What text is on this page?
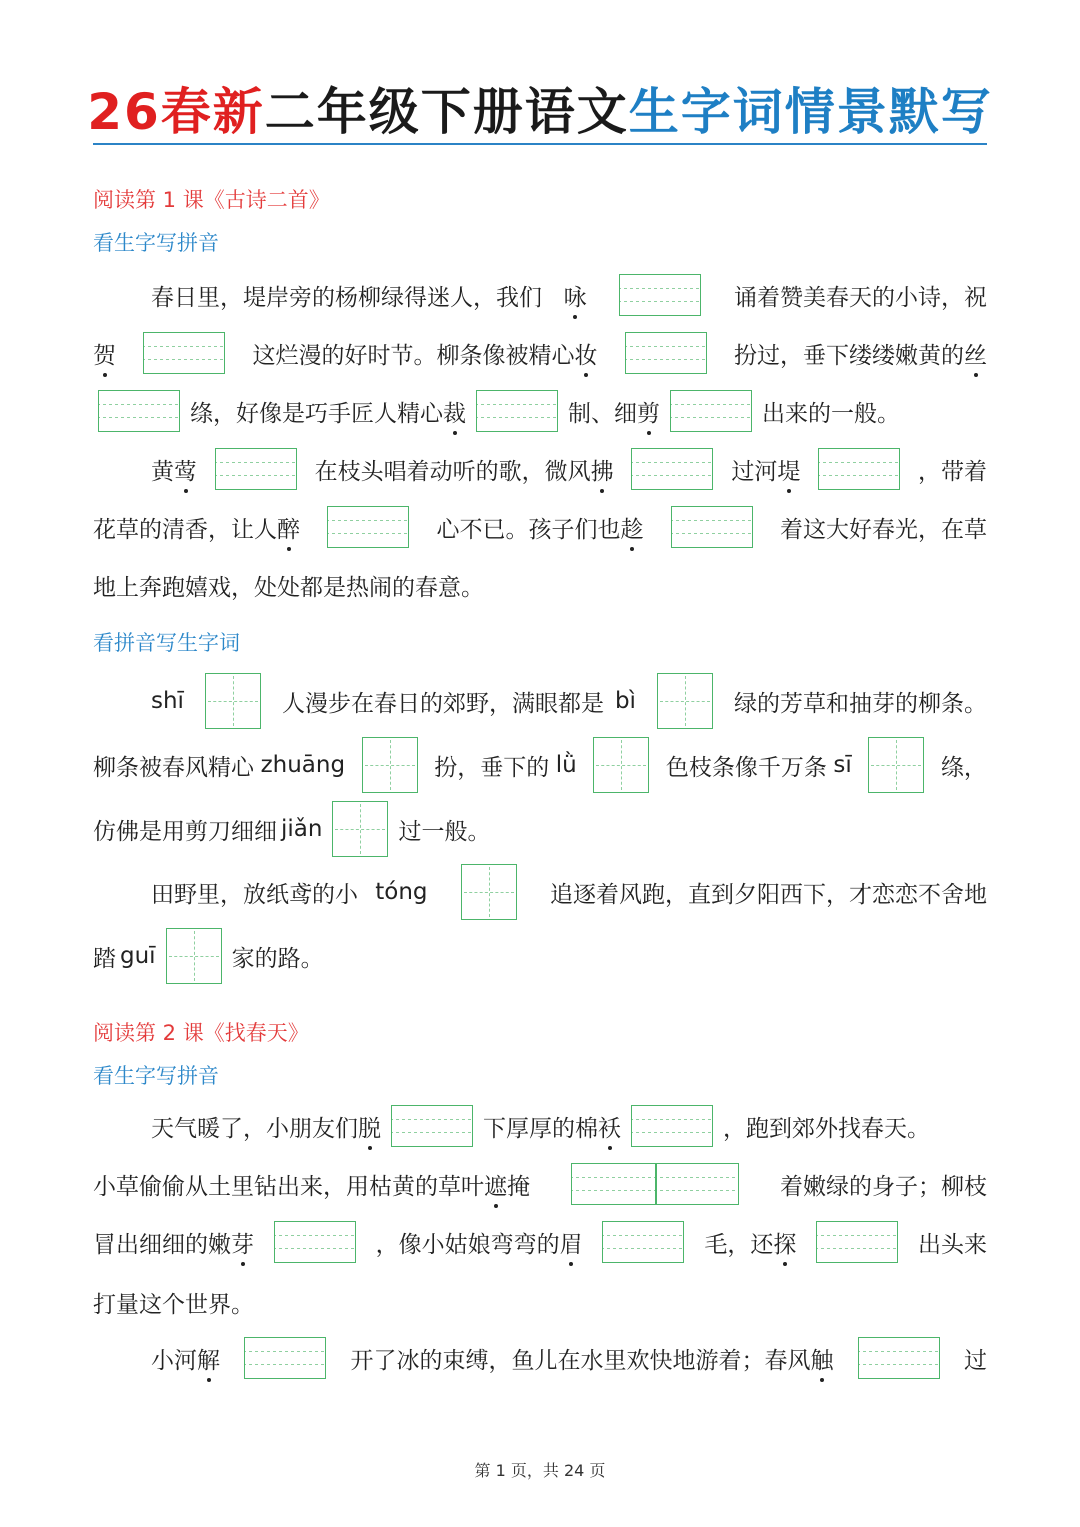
26春新二年级下册语文生字词情景默写
阅读第 1 课《古诗二首》
看生字写拼音
春日里，堤岸旁的杨柳绿得迷人，我们 咏	诵着赞美春天的小诗，祝
贺	这烂漫的好时节。柳条像被精心妆	扮过，垂下缕缕嫩黄的丝
绦，好像是巧手匠人精心裁	制、细剪	出来的一般。
黄莺	在枝头唱着动听的歌，微风拂	过河堤	，带着
花草的清香，让人醉	心不已。孩子们也趁	着这大好春光，在草
地上奔跑嬉戏，处处都是热闹的春意。
看拼音写生字词
shī	人漫步在春日的郊野，满眼都是 bì	绿的芳草和抽芽的柳条。
柳条被春风精心 zhuāng	扮，垂下的 lǜ	色枝条像千万条 sī	绦，
仿佛是用剪刀细细 jiǎn	过一般。
田野里，放纸鸢的小 tóng	追逐着风跑，直到夕阳西下，才恋恋不舍地
踏 guī	家的路。
阅读第 2 课《找春天》
看生字写拼音
天气暖了，小朋友们脱	下厚厚的棉袄	，跑到郊外找春天。
小草偷偷从土里钻出来，用枯黄的草叶遮掩	着嫩绿的身子；柳枝
冒出细细的嫩芽	，像小姑娘弯弯的眉	毛，还探	出头来
打量这个世界。
小河解	开了冰的束缚，鱼儿在水里欢快地游着；春风触	过
第 1 页，共 24 页
